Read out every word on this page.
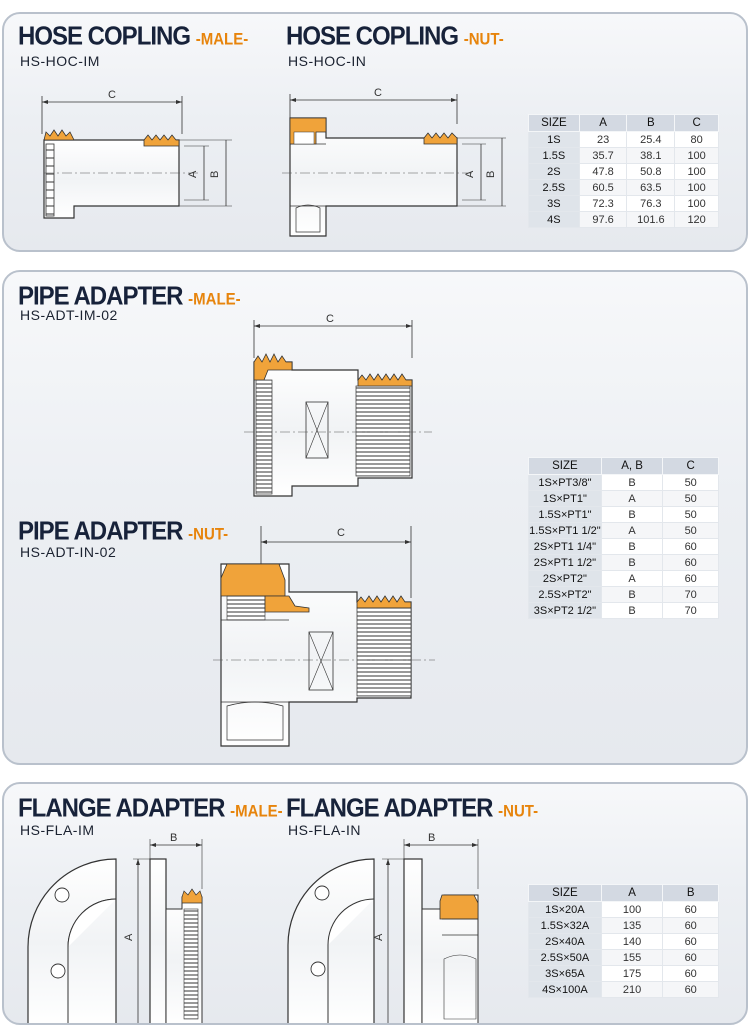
HOSE COPLING -MALE-
HS-HOC-IM
HOSE COPLING -NUT-
HS-HOC-IN
C
A B
C
A B
SIZE	A	B	C
1S	23	25.4	80
1.5S	35.7	38.1	100
2S	47.8	50.8	100
2.5S	60.5	63.5	100
3S	72.3	76.3	100
4S	97.6	101.6	120
PIPE ADAPTER -MALE-
HS-ADT-IM-02
PIPE ADAPTER -NUT-
HS-ADT-IN-02
C
C
SIZE	A, B	C
1S×PT3/8"	B	50
1S×PT1"	A	50
1.5S×PT1"	B	50
1.5S×PT1 1/2"	A	50
2S×PT1 1/4"	B	60
2S×PT1 1/2"	B	60
2S×PT2"	A	60
2.5S×PT2"	B	70
3S×PT2 1/2"	B	70
FLANGE ADAPTER -MALE-
HS-FLA-IM
FLANGE ADAPTER -NUT-
HS-FLA-IN
A
B
A
B
SIZE	A	B
1S×20A	100	60
1.5S×32A	135	60
2S×40A	140	60
2.5S×50A	155	60
3S×65A	175	60
4S×100A	210	60
